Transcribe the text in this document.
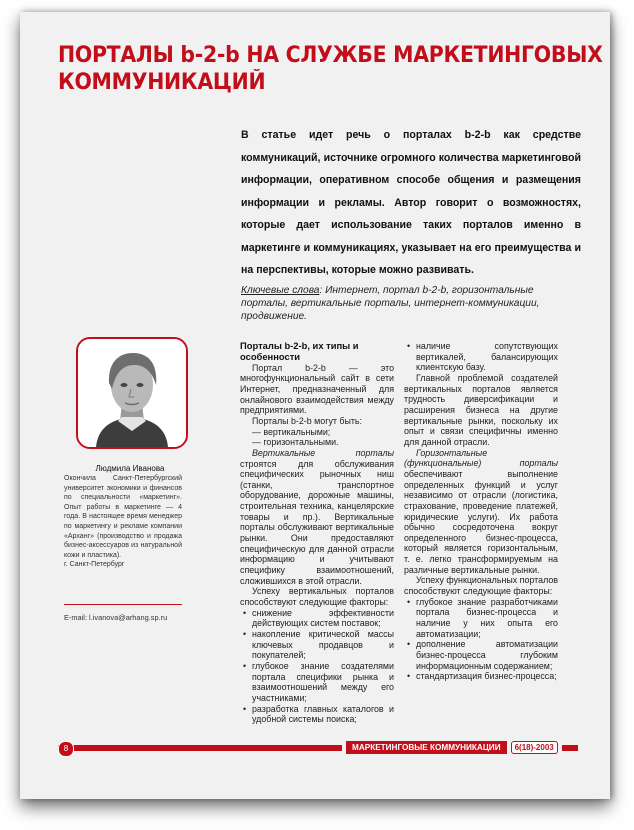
ПОРТАЛЫ b-2-b НА СЛУЖБЕ МАРКЕТИНГОВЫХ
КОММУНИКАЦИЙ

В статье идет речь о порталах b-2-b как средстве коммуникаций, источнике огромного количества маркетинговой информации, оперативном способе общения и размещения информации и рекламы. Автор говорит о возможностях, которые дает использование таких порталов именно в маркетинге и коммуникациях, указывает на его преимущества и на перспективы, которые можно развивать.

Ключевые слова: Интернет, портал b-2-b, горизонтальные порталы, вертикальные порталы, интернет-коммуникации, продвижение.

Людмила Иванова

Окончила Санкт-Петербургский университет экономики и финансов по специальности «маркетинг». Опыт работы в маркетинге — 4 года. В настоящее время менеджер по маркетингу и рекламе компании «Арханг» (производство и продажа бизнес-аксессуаров из натуральной кожи и пластика).
г. Санкт-Петербург

E-mail: l.ivanova@arhang.sp.ru

Порталы b-2-b, их типы и особенности

Портал b-2-b — это многофункциональный сайт в сети Интернет, предназначенный для онлайнового взаимодействия между предприятиями.

Порталы b-2-b могут быть:

— вертикальными;

— горизонтальными.

Вертикальные порталы строятся для обслуживания специфических рыночных ниш (станки, транспортное оборудование, дорожные машины, строительная техника, канцелярские товары и пр.). Вертикальные порталы обслуживают вертикальные рынки. Они предоставляют специфическую для данной отрасли информацию и учитывают специфику взаимоотношений, сложившихся в этой отрасли.

Успеху вертикальных порталов способствуют следующие факторы:

• снижение эффективности действующих систем поставок;
• накопление критической массы ключевых продавцов и покупателей;
• глубокое знание создателями портала специфики рынка и взаимоотношений между его участниками;
• разработка главных каталогов и удобной системы поиска;
• наличие сопутствующих вертикалей, балансирующих клиентскую базу.

Главной проблемой создателей вертикальных порталов является трудность диверсификации и расширения бизнеса на другие вертикальные рынки, поскольку их опыт и связи специфичны именно для данной отрасли.

Горизонтальные (функциональные) порталы обеспечивают выполнение определенных функций и услуг независимо от отрасли (логистика, страхование, проведение платежей, юридические услуги). Их работа обычно сосредоточена вокруг определенного бизнес-процесса, который является горизонтальным, т. е. легко трансформируемым на различные вертикальные рынки.

Успеху функциональных порталов способствуют следующие факторы:

• глубокое знание разработчиками портала бизнес-процесса и наличие у них опыта его автоматизации;
• дополнение автоматизации бизнес-процесса глубоким информационным содержанием;
• стандартизация бизнес-процесса;
8	МАРКЕТИНГОВЫЕ КОММУНИКАЦИИ	6(18)-2003
